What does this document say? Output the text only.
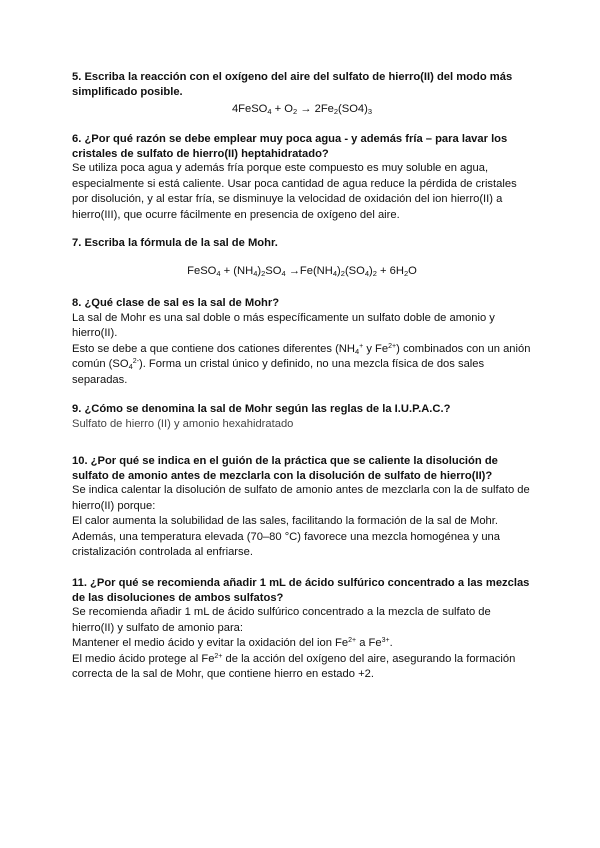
5. Escriba la reacción con el oxígeno del aire del sulfato de hierro(II) del modo más simplificado posible.

4FeSO$_4$ + $O_2 \to 2Fe_2(SO4)_3$

6. ¿Por qué razón se debe emplear muy poca agua - y además fría – para lavar los cristales de sulfato de hierro(II) heptahidratado?

Se utiliza poca agua y además fría porque este compuesto es muy soluble en agua, especialmente si está caliente. Usar poca cantidad de agua reduce la pérdida de cristales por disolución, y al estar fría, se disminuye la velocidad de oxidación del ion hierro(II) a hierro(III), que ocurre fácilmente en presencia de oxígeno del aire.

7. Escriba la fórmula de la sal de Mohr.

FeSO$_4$ + $(NH_4)_2SO_4 \to Fe(NH_4)_2(SO_4)_2 + 6H_2O$

8. ¿Qué clase de sal es la sal de Mohr?

La sal de Mohr es una sal doble o más específicamente un sulfato doble de amonio y hierro(II).

Esto se debe a que contiene dos cationes diferentes ($NH_4^+$ y $Fe^{2+}$) combinados con un anión común $(SO_4^{2-})$. Forma un cristal único y definido, no una mezcla física de dos sales separadas.

9. ¿Cómo se denomina la sal de Mohr según las reglas de la I.U.P.A.C.?

Sulfato de hierro (II) y amonio hexahidratado

10. ¿Por qué se indica en el guión de la práctica que se caliente la disolución de sulfato de amonio antes de mezclarla con la disolución de sulfato de hierro(II)?

Se indica calentar la disolución de sulfato de amonio antes de mezclarla con la de sulfato de hierro(II) porque:

El calor aumenta la solubilidad de las sales, facilitando la formación de la sal de Mohr. Además, una temperatura elevada (70–80 °C) favorece una mezcla homogénea y una cristalización controlada al enfriarse.

11. ¿Por qué se recomienda añadir 1 mL de ácido sulfúrico concentrado a las mezclas de las disoluciones de ambos sulfatos?

Se recomienda añadir 1 mL de ácido sulfúrico concentrado a la mezcla de sulfato de hierro(II) y sulfato de amonio para:

Mantener el medio ácido y evitar la oxidación del ion $Fe^{2+}$ a $Fe^{3+}$.

El medio ácido protege al $Fe^{2+}$ de la acción del oxígeno del aire, asegurando la formación correcta de la sal de Mohr, que contiene hierro en estado +2.
